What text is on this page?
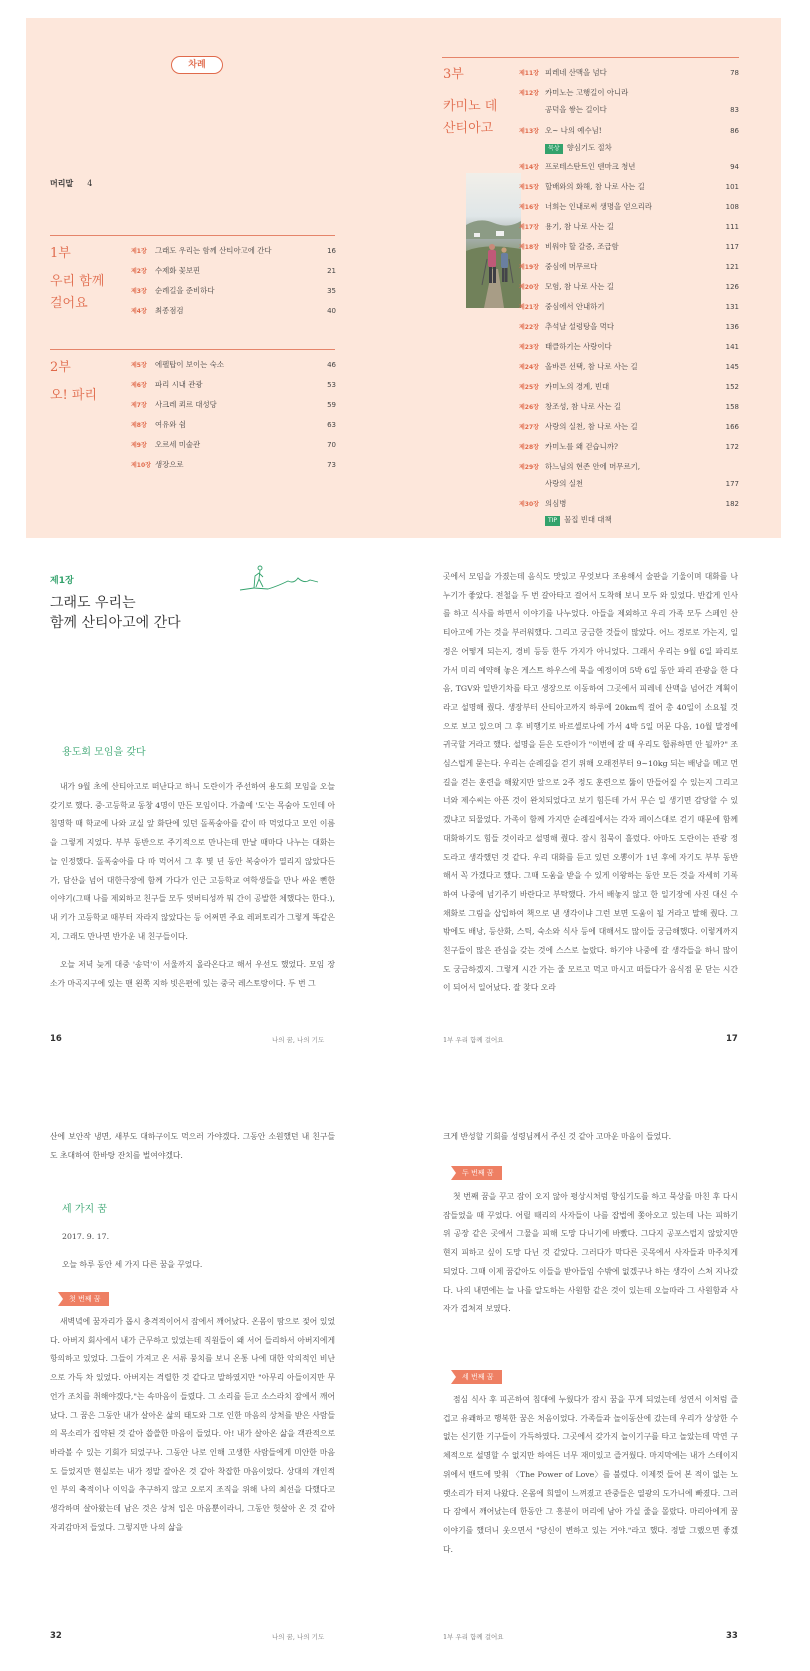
차례
머리말 4
1부
우리 함께
걸어요
제1장 그래도 우리는 함께 산티아고에 간다	16
제2장 수제화 꽃보핀	21
제3장 순례길을 준비하다	35
제4장 최종점검	40
2부
오! 파리
제5장 에펠탑이 보이는 숙소	46
제6장 파리 시내 관광	53
제7장 사크레 쾨르 대성당	59
제8장 여유와 쉼	63
제9장 오르세 미술관	70
제10장 생장으로	73
3부
카미노 데
산티아고
제11장 피레네 산맥을 넘다	78
제12장 카미노는 고행길이 아니라
공덕을 쌓는 길이다	83
제13장 오~ 나의 예수님!	86
묵상 향심기도 절차
제14장 프로테스탄트인 덴마크 청년	94
제15장 할배와의 화해, 참 나로 사는 길	101
제16장 너희는 인내로써 생명을 얻으리라	108
제17장 용기, 참 나로 사는 길	111
제18장 비워야 할 갈증, 조급함	117
제19장 중심에 머무르다	121
제20장 모험, 참 나로 사는 길	126
제21장 중심에서 안내하기	131
제22장 추석날 설렁탕을 먹다	136
제23장 태클하기는 사랑이다	141
제24장 올바른 선택, 참 나로 사는 길	145
제25장 카미노의 경계, 빈대	152
제26장 창조성, 참 나로 사는 길	158
제27장 사랑의 실천, 참 나로 사는 길	166
제28장 카미노를 왜 걷습니까?	172
제29장 하느님의 현존 안에 머무르기,
사랑의 실천	177
제30장 의심병	182
TIP 물집 빈대 대책
제1장
그래도 우리는
함께 산티아고에 간다
용도회 모임을 갖다

내가 9월 초에 산티아고로 떠난다고 하니 도란이가 주선하여 용도회 모임을 오늘 갖기로 했다. 중·고등학교 동창 4명이 만든 모임이다. 가출예 '도'는 목숨아 도인데 아침명학 때 학교에 나와 교실 앞 화단에 있던 돌폭숭아를 같이 따 먹었다고 모인 이름을 그렇게 지었다. 부부 동반으로 주기적으로 만나는데 만날 때마다 나누는 대화는 늘 인정했다. 돌폭숭아를 다 따 먹어서 그 후 몇 년 동안 복숭아가 열리지 않았다든가, 담산을 넘어 대한극장에 함께 가다가 인근 고등학교 여학생들을 만나 싸운 뻔한 이야기(그때 나를 제외하고 친구들 모두 엿버티성까 뭐 간이 공발한 체했다는 한다.), 내 키가 고등학교 때부터 자라지 않았다는 등 어쩌면 주요 레퍼토리가 그렇게 똑같은지, 그래도 만나면 반가운 내 친구들이다.

오늘 저녁 늦게 대중 '송덕'이 서울까지 올라온다고 해서 우선도 했었다. 모임 장소가 마곡지구에 있는 맨 왼쪽 지하 빗은편에 있는 중국 레스토랑이다. 두 번 그

16	나의 꿈, 나의 기도

곳에서 모임을 가졌는데 음식도 맛있고 무엇보다 조용해서 술판을 기울이며 대화를 나누기가 좋았다. 전철을 두 번 갈아타고 걸어서 도착해 보니 모두 와 있었다. 반갑게 인사를 하고 식사를 하면서 이야기를 나누었다. 아들을 제외하고 우리 가족 모두 스페인 산티아고에 가는 것을 부러워했다. 그리고 궁금한 것들이 많았다. 어느 경로로 가는지, 일정은 어떻게 되는지, 경비 등등 한두 가지가 아니었다. 그래서 우리는 9월 6일 파리로 가서 미리 예약해 놓은 게스트 하우스에 묵을 예정이며 5박 6일 동안 파리 관광을 한 다음, TGV와 일반기차를 타고 생장으로 이동하여 그곳에서 피레네 산맥을 넘어간 계획이라고 설명해 줬다. 생장부터 산티아고까지 하루에 20km씩 걸어 총 40일이 소요될 것으로 보고 있으며 그 후 비행기로 바르셀로나에 가서 4박 5일 머문 다음, 10월 말경에 귀국할 거라고 했다. 설명을 듣은 도란이가 "이번에 갈 때 우리도 합류하면 안 될까?" 조심스럽게 묻는다. 우리는 순례길을 걷기 위해 오래전부터 9~10kg 되는 배낭을 메고 먼 길을 걷는 훈련을 해왔지만 앞으로 2주 정도 훈련으로 뚫이 만들어질 수 있는지 그리고 너와 제수씨는 아픈 것이 완치되었다고 보기 힘든데 가서 무슨 일 생기면 감당할 수 있겠냐고 되물었다. 가족이 함께 가지만 순례길에서는 각자 페이스대로 걷기 때문에 함께 대화하기도 힘들 것이라고 설명해 줬다. 잠시 침묵이 흘렀다. 아마도 도란이는 관광 정도라고 생각했던 것 같다. 우리 대화를 듣고 있던 오뽕이가 1년 후에 자기도 부부 동반해서 꼭 가겠다고 했다. 그때 도움을 받을 수 있게 이왕하는 동안 모든 것을 자세히 기록하여 나중에 넘기주기 바란다고 부탁했다. 가서 배놓지 않고 한 일기장에 사진 대신 수채화로 그림을 삽입하여 책으로 낸 생각이냐 그런 보면 도움이 될 거라고 말해 줬다. 그 밖에도 배낭, 등산화, 스틱, 숙소와 식사 등에 대해서도 많이들 궁금해했다. 이렇게까지 친구들이 많은 관심을 갖는 것에 스스로 놀랐다. 하기야 나중에 갈 생각들을 하니 많이도 궁금하겠지. 그렇게 시간 가는 줄 모르고 먹고 마시고 떠들다가 음식점 문 닫는 시간이 되어서 일어났다. 잘 찾다 오라

1부 우리 함께 걸어요	17

산에 보안작 냉면, 새부도 대하구이도 먹으러 가야겠다. 그동안 소원했던 내 친구들도 초대하여 한바탕 잔치를 벌여야겠다.

세 가지 꿈
2017. 9. 17.
오늘 하루 동안 세 가지 다른 꿈을 꾸었다.
첫 번째 꿈

새벽녘에 꿈자리가 몹시 충격적이어서 잠에서 깨어났다. 온몸이 땀으로 젖어 있었다. 아버지 회사에서 내가 근무하고 있었는데 직원들이 왜 서어 들리하서 아버지에게 항의하고 있었다. 그들이 가져고 온 서류 뭉치를 보니 온통 나에 대한 악의적인 비난으로 가득 차 있었다. 아버지는 격렬한 것 같다고 말하였지만 "아무리 아들이지만 무언가 조치를 취해야겠다,"는 속마음이 들렸다. 그 소리를 듣고 소스라치 잠에서 깨어났다. 그 꿈은 그동안 내가 살아온 삶의 태도와 그로 인한 마음의 상처를 받은 사람들의 목소리가 집약된 것 같아 씁쓸한 마음이 들었다. 아! 내가 살아온 삶을 객관적으로 바라볼 수 있는 기회가 되었구나. 그동안 나로 인해 고생한 사람들에게 미안한 마음도 들었지만 현실로는 내가 정말 잘아온 것 같아 착잡한 마음이었다. 상대의 개인적인 부의 축적이나 이익을 추구하지 않고 오로지 조직을 위해 나의 최선을 다했다고 생각하며 살아왔는데 남은 것은 상처 입은 마음뿐이라니, 그동안 헛살아 온 것 같아 자괴감마저 들었다. 그렇지만 나의 삶을

32	나의 꿈, 나의 기도

크게 반성할 기회를 성령님께서 주신 것 같아 고마운 마음이 들었다.

두 번째 꿈

첫 번째 꿈을 꾸고 잠이 오지 않아 평상시처럼 향심기도를 하고 묵상를 마친 후 다시 잠들었을 때 꾸었다. 어릴 때리의 사자들이 나를 잡법에 쫓아오고 있는데 나는 피하기 위 공장 같은 곳에서 그물을 피해 도망 다니기에 바빴다. 그다지 공포스럽지 않았지만 현지 피하고 싶이 도망 다닌 것 같았다. 그러다가 막다른 곳목에서 사자들과 마주치게 되었다. 그때 이제 꿈같아도 이들을 받아들임 수밖에 없겠구나 하는 생각이 스쳐 지나갔다. 나의 내면에는 늘 나를 알도하는 사원함 같은 것이 있는데 오늘따라 그 사원함과 사자가 겹쳐져 보였다.

세 번째 꿈

점심 식사 후 피곤하여 침대에 누웠다가 잠시 꿈을 꾸게 되었는데 성연서 이처럼 즐겁고 유쾌하고 행복한 꿈은 처음이었다. 가족들과 놀이동산에 갔는데 우리가 상상한 수 없는 신기한 기구들이 가득하였다. 그곳에서 갖가지 놀이기구를 타고 놀았는데 막연 구체적으로 설명할 수 없지만 하여든 너무 재미있고 즐거웠다. 마지막에는 내가 스테이지 위에서 밴드에 맞춰 〈The Power of Love〉를 불렀다. 이제껏 들어 본 적이 없는 노랫소리가 터져 나왔다. 온몸에 희열이 느껴졌고 관중들은 열광의 도가니에 빠졌다. 그러다 잠에서 깨어났는데 한동안 그 흥분이 머리에 남아 가실 줄을 몰랐다. 마리아에게 꿈 이야기를 했더니 웃으면서 "당신이 변하고 있는 거야."라고 했다. 정말 그랬으면 좋겠다.

1부 우리 함께 걸어요	33
